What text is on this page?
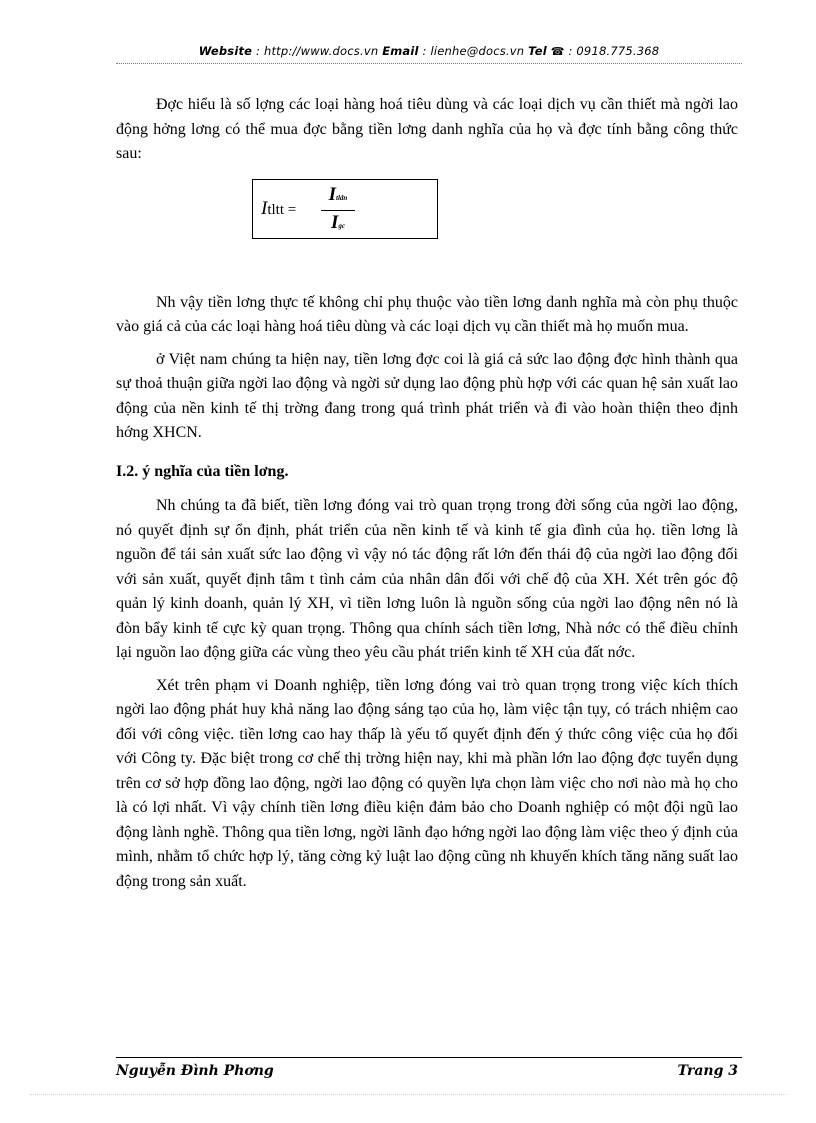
Website : http://www.docs.vn Email : lienhe@docs.vn Tel ☎ : 0918.775.368

Đợc hiểu là số lợng các loại hàng hoá tiêu dùng và các loại dịch vụ cần thiết mà ngời lao động hởng lơng có thể mua đợc bằng tiền lơng danh nghĩa của họ và đợc tính bằng công thức sau:

Itltt =
Itldn
Igc

Nh vậy tiền lơng thực tế không chỉ phụ thuộc vào tiền lơng danh nghĩa mà còn phụ thuộc vào giá cả của các loại hàng hoá tiêu dùng và các loại dịch vụ cần thiết mà họ muốn mua.

ở Việt nam chúng ta hiện nay, tiền lơng đợc coi là giá cả sức lao động đợc hình thành qua sự thoả thuận giữa ngời lao động và ngời sử dụng lao động phù hợp với các quan hệ sản xuất lao động của nền kinh tế thị trờng đang trong quá trình phát triển và đi vào hoàn thiện theo định hớng XHCN.

I.2. ý nghĩa của tiền lơng.

Nh chúng ta đã biết, tiền lơng đóng vai trò quan trọng trong đời sống của ngời lao động, nó quyết định sự ổn định, phát triển của nền kinh tế và kinh tế gia đình của họ. tiền lơng là nguồn để tái sản xuất sức lao động vì vậy nó tác động rất lớn đến thái độ của ngời lao động đối với sản xuất, quyết định tâm t tình cảm của nhân dân đối với chế độ của XH. Xét trên góc độ quản lý kinh doanh, quản lý XH, vì tiền lơng luôn là nguồn sống của ngời lao động nên nó là đòn bẩy kinh tế cực kỳ quan trọng. Thông qua chính sách tiền lơng, Nhà nớc có thể điều chỉnh lại nguồn lao động giữa các vùng theo yêu cầu phát triển kinh tế XH của đất nớc.

Xét trên phạm vi Doanh nghiệp, tiền lơng đóng vai trò quan trọng trong việc kích thích ngời lao động phát huy khả năng lao động sáng tạo của họ, làm việc tận tụy, có trách nhiệm cao đối với công việc. tiền lơng cao hay thấp là yếu tố quyết định đến ý thức công việc của họ đối với Công ty. Đặc biệt trong cơ chế thị trờng hiện nay, khi mà phần lớn lao động đợc tuyển dụng trên cơ sở hợp đồng lao động, ngời lao động có quyền lựa chọn làm việc cho nơi nào mà họ cho là có lợi nhất. Vì vậy chính tiền lơng điều kiện đảm bảo cho Doanh nghiệp có một đội ngũ lao động lành nghề. Thông qua tiền lơng, ngời lãnh đạo hớng ngời lao động làm việc theo ý định của mình, nhằm tổ chức hợp lý, tăng cờng kỷ luật lao động cũng nh khuyến khích tăng năng suất lao động trong sản xuất.

Nguyễn Đình Phơng	Trang 3
